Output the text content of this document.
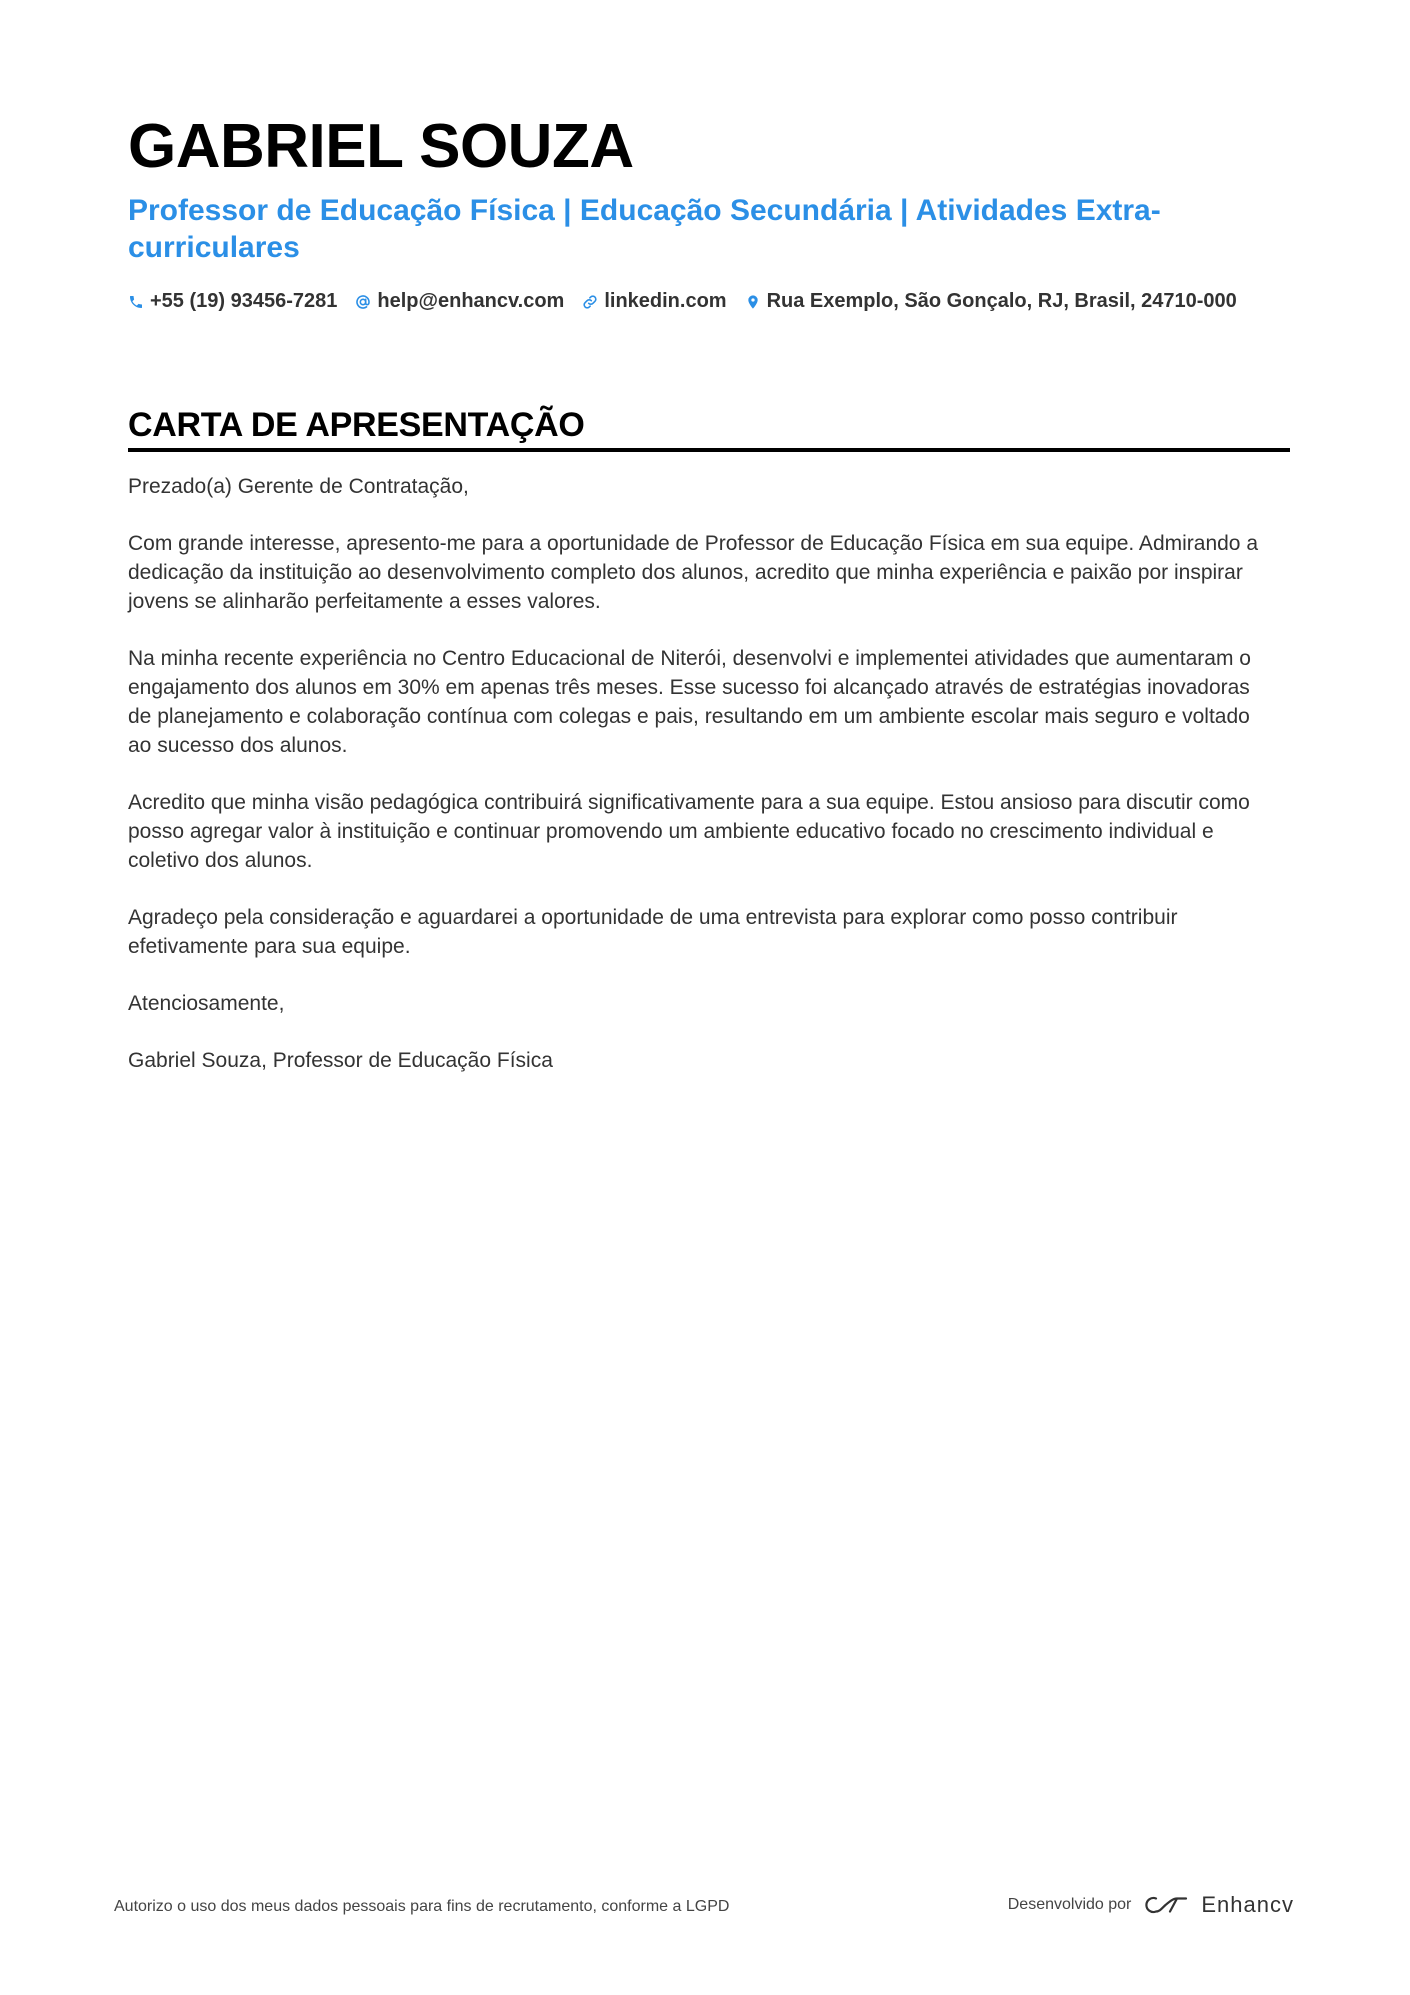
GABRIEL SOUZA
Professor de Educação Física | Educação Secundária | Atividades Extra-curriculares
+55 (19) 93456-7281 help@enhancv.com linkedin.com Rua Exemplo, São Gonçalo, RJ, Brasil, 24710-000
CARTA DE APRESENTAÇÃO

Prezado(a) Gerente de Contratação,

Com grande interesse, apresento-me para a oportunidade de Professor de Educação Física em sua equipe. Admirando a dedicação da instituição ao desenvolvimento completo dos alunos, acredito que minha experiência e paixão por inspirar jovens se alinharão perfeitamente a esses valores.

Na minha recente experiência no Centro Educacional de Niterói, desenvolvi e implementei atividades que aumentaram o engajamento dos alunos em 30% em apenas três meses. Esse sucesso foi alcançado através de estratégias inovadoras de planejamento e colaboração contínua com colegas e pais, resultando em um ambiente escolar mais seguro e voltado ao sucesso dos alunos.

Acredito que minha visão pedagógica contribuirá significativamente para a sua equipe. Estou ansioso para discutir como posso agregar valor à instituição e continuar promovendo um ambiente educativo focado no crescimento individual e coletivo dos alunos.

Agradeço pela consideração e aguardarei a oportunidade de uma entrevista para explorar como posso contribuir efetivamente para sua equipe.

Atenciosamente,

Gabriel Souza, Professor de Educação Física

Autorizo o uso dos meus dados pessoais para fins de recrutamento, conforme a LGPD	Desenvolvido por	Enhancv
